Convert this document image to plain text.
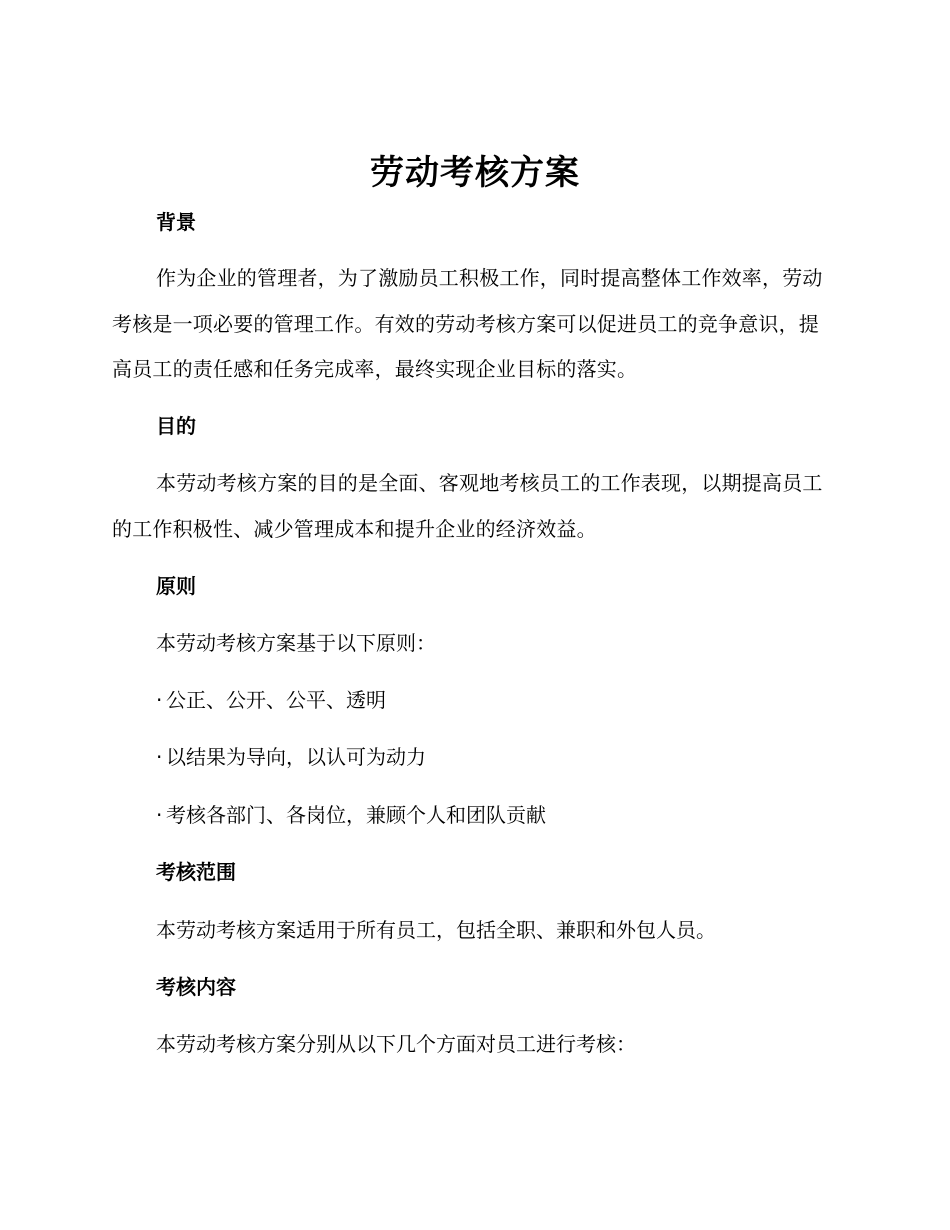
劳动考核方案
背景

作为企业的管理者，为了激励员工积极工作，同时提高整体工作效率，劳动考核是一项必要的管理工作。有效的劳动考核方案可以促进员工的竞争意识，提高员工的责任感和任务完成率，最终实现企业目标的落实。

目的

本劳动考核方案的目的是全面、客观地考核员工的工作表现，以期提高员工的工作积极性、减少管理成本和提升企业的经济效益。

原则
本劳动考核方案基于以下原则：
· 公正、公开、公平、透明
· 以结果为导向，以认可为动力
· 考核各部门、各岗位，兼顾个人和团队贡献
考核范围
本劳动考核方案适用于所有员工，包括全职、兼职和外包人员。
考核内容
本劳动考核方案分别从以下几个方面对员工进行考核：
